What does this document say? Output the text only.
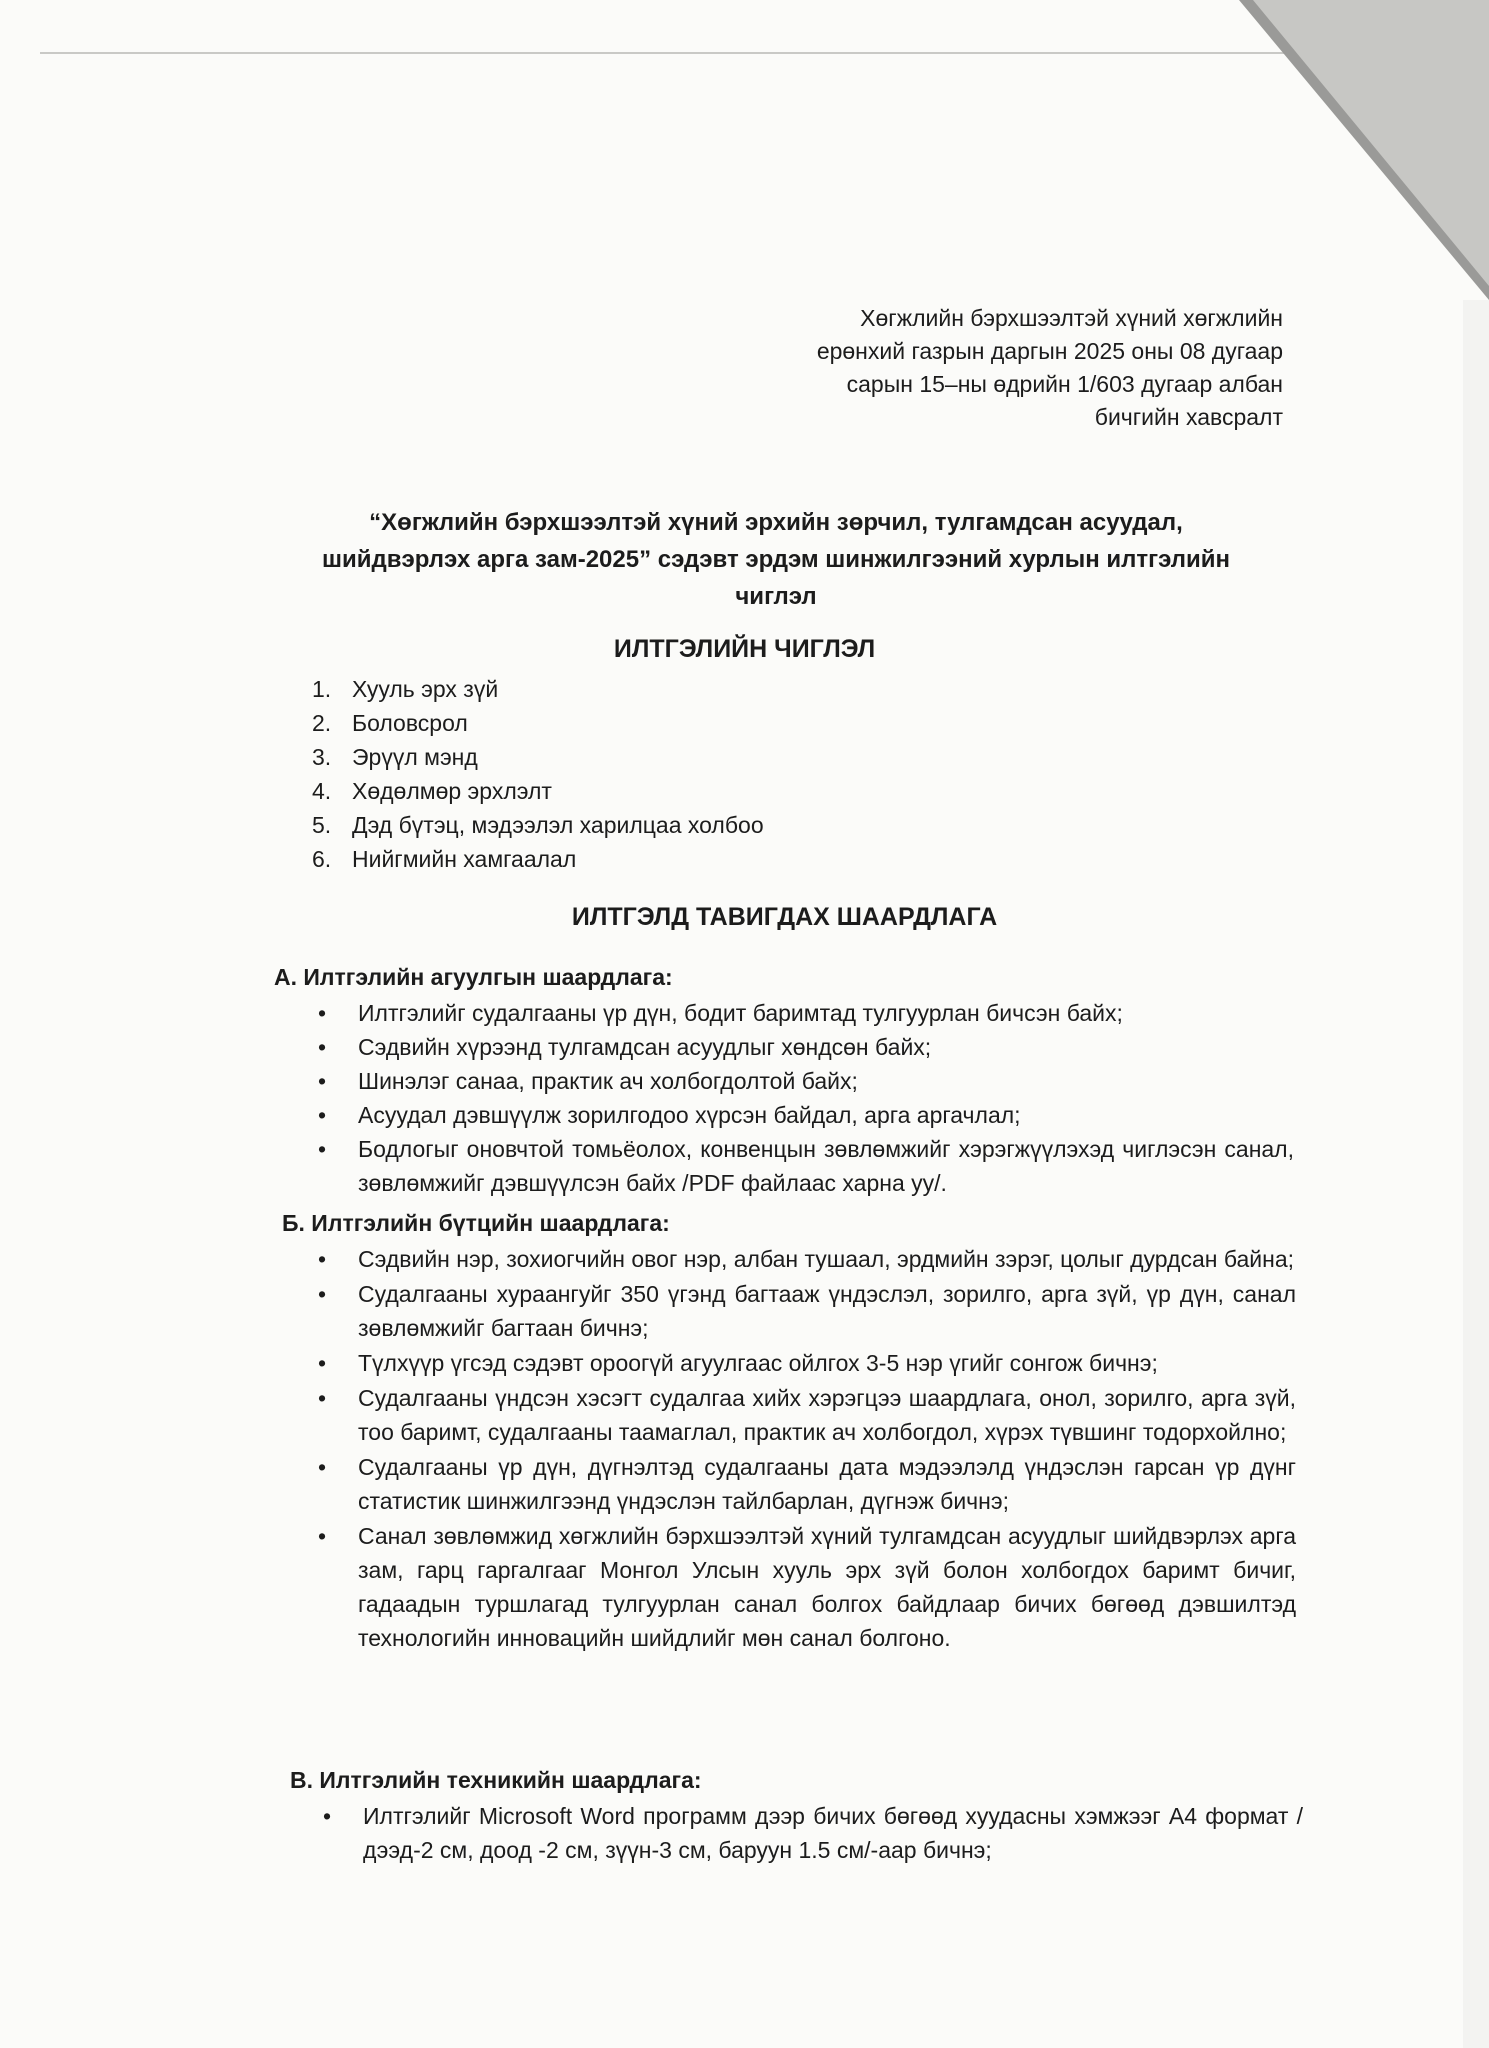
Хөгжлийн бэрхшээлтэй хүний хөгжлийн
ерөнхий газрын даргын 2025 оны 08 дугаар
сарын 15–ны өдрийн 1/603 дугаар албан
бичгийн хавсралт
“Хөгжлийн бэрхшээлтэй хүний эрхийн зөрчил, тулгамдсан асуудал,
шийдвэрлэх арга зам-2025” сэдэвт эрдэм шинжилгээний хурлын илтгэлийн
чиглэл
ИЛТГЭЛИЙН ЧИГЛЭЛ
1. Хууль эрх зүй
2. Боловсрол
3. Эрүүл мэнд
4. Хөдөлмөр эрхлэлт
5. Дэд бүтэц, мэдээлэл харилцаа холбоо
6. Нийгмийн хамгаалал
ИЛТГЭЛД ТАВИГДАХ ШААРДЛАГА
А. Илтгэлийн агуулгын шаардлага:
• Илтгэлийг судалгааны үр дүн, бодит баримтад тулгуурлан бичсэн байх;
• Сэдвийн хүрээнд тулгамдсан асуудлыг хөндсөн байх;
• Шинэлэг санаа, практик ач холбогдолтой байх;
• Асуудал дэвшүүлж зорилгодоо хүрсэн байдал, арга аргачлал;
• Бодлогыг оновчтой томьёолох, конвенцын зөвлөмжийг хэрэгжүүлэхэд чиглэсэн санал, зөвлөмжийг дэвшүүлсэн байх /PDF файлаас харна уу/.
Б. Илтгэлийн бүтцийн шаардлага:
• Сэдвийн нэр, зохиогчийн овог нэр, албан тушаал, эрдмийн зэрэг, цолыг дурдсан байна;
• Судалгааны хураангуйг 350 үгэнд багтааж үндэслэл, зорилго, арга зүй, үр дүн, санал зөвлөмжийг багтаан бичнэ;
• Түлхүүр үгсэд сэдэвт ороогүй агуулгаас ойлгох 3-5 нэр үгийг сонгож бичнэ;
• Судалгааны үндсэн хэсэгт судалгаа хийх хэрэгцээ шаардлага, онол, зорилго, арга зүй, тоо баримт, судалгааны таамаглал, практик ач холбогдол, хүрэх түвшинг тодорхойлно;
• Судалгааны үр дүн, дүгнэлтэд судалгааны дата мэдээлэлд үндэслэн гарсан үр дүнг статистик шинжилгээнд үндэслэн тайлбарлан, дүгнэж бичнэ;
• Санал зөвлөмжид хөгжлийн бэрхшээлтэй хүний тулгамдсан асуудлыг шийдвэрлэх арга зам, гарц гаргалгааг Монгол Улсын хууль эрх зүй болон холбогдох баримт бичиг, гадаадын туршлагад тулгуурлан санал болгох байдлаар бичих бөгөөд дэвшилтэд технологийн инновацийн шийдлийг мөн санал болгоно.
В. Илтгэлийн техникийн шаардлага:
• Илтгэлийг Microsoft Word программ дээр бичих бөгөөд хуудасны хэмжээг А4 формат /дээд-2 см, доод -2 см, зүүн-3 см, баруун 1.5 см/-аар бичнэ;
